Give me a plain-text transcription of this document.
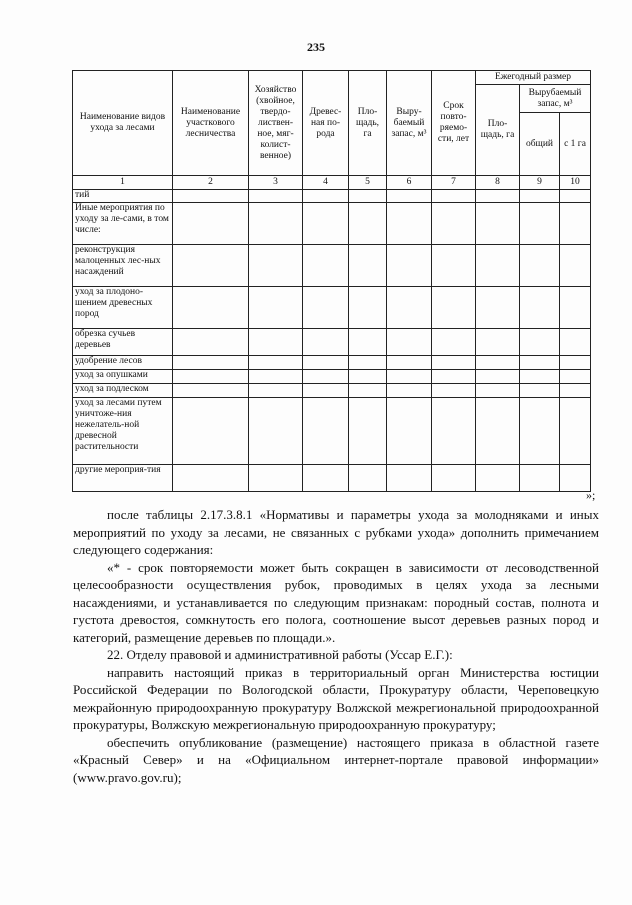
235
Наименование видов ухода за лесами	Наименование участкового лесничества	Хозяйство (хвойное, твердо-листвен-ное, мяг-колист-венное)	Древес-ная по-рода	Пло-щадь, га	Выру-баемый запас, м³	Срок повто-ряемо-сти, лет	Ежегодный размер		
							Пло-щадь, га	Вырубаемый запас, м³	
								общий	с 1 га
1	2	3	4	5	6	7	8	9	10
тий									
Иные мероприятия по уходу за ле-сами, в том числе:									
реконструкция малоценных лес-ных насаждений									
уход за плодоно-шением древесных пород									
обрезка сучьев деревьев									
удобрение лесов									
уход за опушками									
уход за подлеском									
уход за лесами путем уничтоже-ния нежелатель-ной древесной растительности									
другие мероприя-тия									
»;

после таблицы 2.17.3.8.1 «Нормативы и параметры ухода за молодняками и иных мероприятий по уходу за лесами, не связанных с рубками ухода» дополнить примечанием следующего содержания:

«* - срок повторяемости может быть сокращен в зависимости от лесоводственной целесообразности осуществления рубок, проводимых в целях ухода за лесными насаждениями, и устанавливается по следующим признакам: породный состав, полнота и густота древостоя, сомкнутость его полога, соотношение высот деревьев разных пород и категорий, размещение деревьев по площади.».

22. Отделу правовой и административной работы (Уссар Е.Г.):

направить настоящий приказ в территориальный орган Министерства юстиции Российской Федерации по Вологодской области, Прокуратуру области, Череповецкую межрайонную природоохранную прокуратуру Волжской межрегиональной природоохранной прокуратуры, Волжскую межрегиональную природоохранную прокуратуру;

обеспечить опубликование (размещение) настоящего приказа в областной газете «Красный Север» и на «Официальном интернет-портале правовой информации» (www.pravo.gov.ru);
